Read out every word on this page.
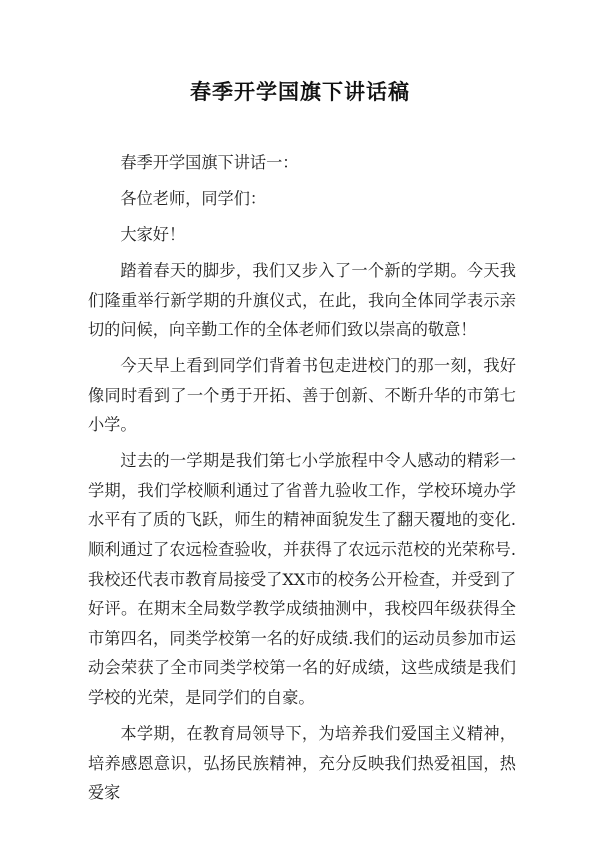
春季开学国旗下讲话稿

春季开学国旗下讲话一：

各位老师，同学们：

大家好！

踏着春天的脚步，我们又步入了一个新的学期。今天我们隆重举行新学期的升旗仪式，在此，我向全体同学表示亲切的问候，向辛勤工作的全体老师们致以崇高的敬意！

今天早上看到同学们背着书包走进校门的那一刻，我好像同时看到了一个勇于开拓、善于创新、不断升华的市第七小学。

过去的一学期是我们第七小学旅程中令人感动的精彩一学期，我们学校顺利通过了省普九验收工作，学校环境办学水平有了质的飞跃，师生的精神面貌发生了翻天覆地的变化.顺利通过了农远检查验收，并获得了农远示范校的光荣称号.我校还代表市教育局接受了XX市的校务公开检查，并受到了好评。在期末全局数学教学成绩抽测中，我校四年级获得全市第四名，同类学校第一名的好成绩.我们的运动员参加市运动会荣获了全市同类学校第一名的好成绩，这些成绩是我们学校的光荣，是同学们的自豪。

本学期，在教育局领导下，为培养我们爱国主义精神，培养感恩意识，弘扬民族精神，充分反映我们热爱祖国，热爱家
